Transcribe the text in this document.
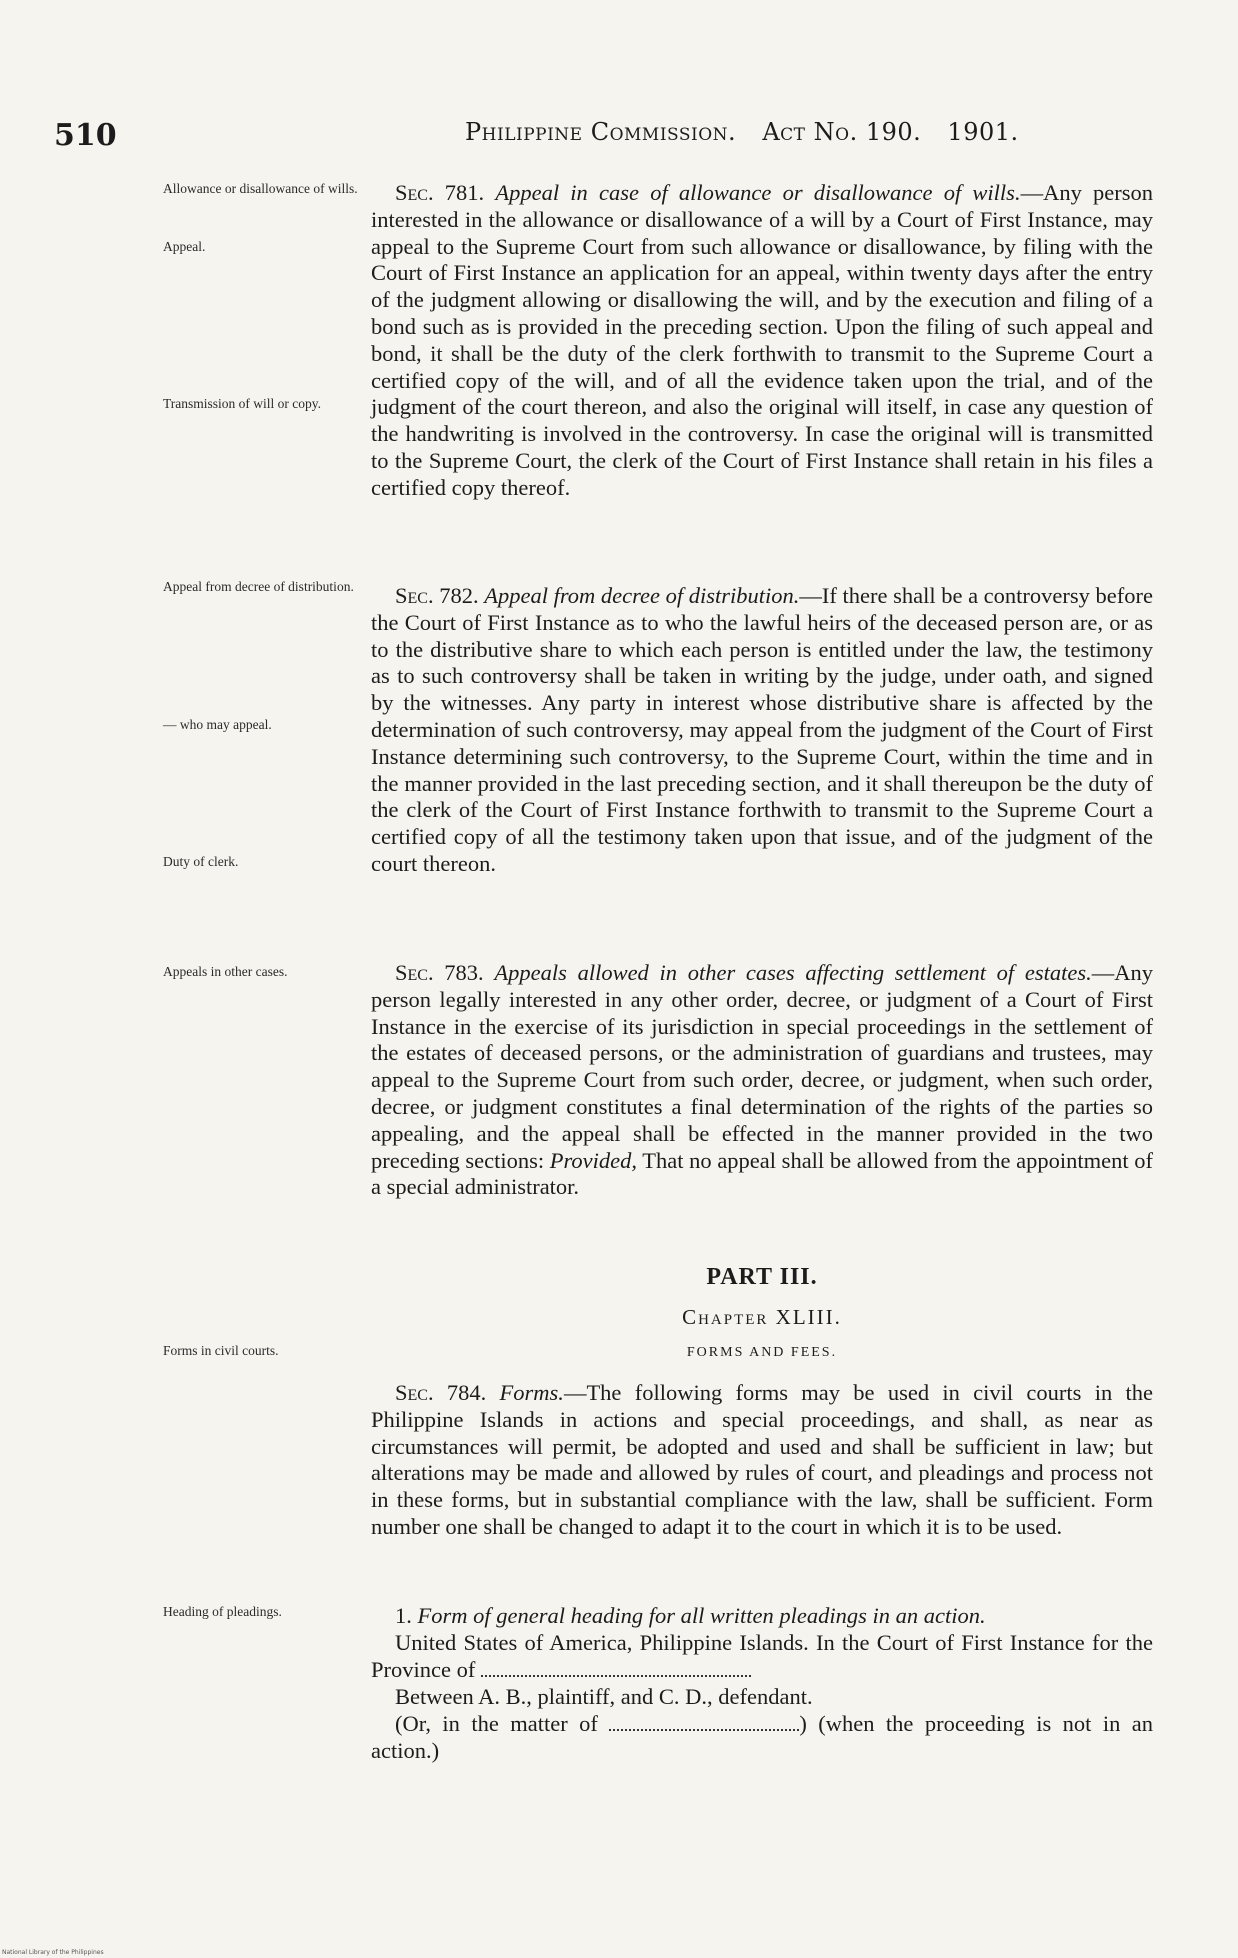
510	Philippine Commission. Act No. 190. 1901.
Allowance or disallowance of wills.
Appeal.
Transmission of will or copy.
Appeal from decree of distribution.
— who may appeal.
Duty of clerk.
Appeals in other cases.
Forms in civil courts.
Heading of pleadings.
Sec. 781. Appeal in case of allowance or disallowance of wills.—Any person interested in the allowance or disallowance of a will by a Court of First Instance, may appeal to the Supreme Court from such allowance or disallowance, by filing with the Court of First Instance an application for an appeal, within twenty days after the entry of the judgment allowing or disallowing the will, and by the execution and filing of a bond such as is provided in the preceding section. Upon the filing of such appeal and bond, it shall be the duty of the clerk forthwith to transmit to the Supreme Court a certified copy of the will, and of all the evidence taken upon the trial, and of the judgment of the court thereon, and also the original will itself, in case any question of the handwriting is involved in the controversy. In case the original will is transmitted to the Supreme Court, the clerk of the Court of First Instance shall retain in his files a certified copy thereof.
Sec. 782. Appeal from decree of distribution.—If there shall be a controversy before the Court of First Instance as to who the lawful heirs of the deceased person are, or as to the distributive share to which each person is entitled under the law, the testimony as to such controversy shall be taken in writing by the judge, under oath, and signed by the witnesses. Any party in interest whose distributive share is affected by the determination of such controversy, may appeal from the judgment of the Court of First Instance determining such controversy, to the Supreme Court, within the time and in the manner provided in the last preceding section, and it shall thereupon be the duty of the clerk of the Court of First Instance forthwith to transmit to the Supreme Court a certified copy of all the testimony taken upon that issue, and of the judgment of the court thereon.
Sec. 783. Appeals allowed in other cases affecting settlement of estates.—Any person legally interested in any other order, decree, or judgment of a Court of First Instance in the exercise of its jurisdiction in special proceedings in the settlement of the estates of deceased persons, or the administration of guardians and trustees, may appeal to the Supreme Court from such order, decree, or judgment, when such order, decree, or judgment constitutes a final determination of the rights of the parties so appealing, and the appeal shall be effected in the manner provided in the two preceding sections: Provided, That no appeal shall be allowed from the appointment of a special administrator.
PART III.
Chapter XLIII.
FORMS AND FEES.
Sec. 784. Forms.—The following forms may be used in civil courts in the Philippine Islands in actions and special proceedings, and shall, as near as circumstances will permit, be adopted and used and shall be sufficient in law; but alterations may be made and allowed by rules of court, and pleadings and process not in these forms, but in substantial compliance with the law, shall be sufficient. Form number one shall be changed to adapt it to the court in which it is to be used.
1. Form of general heading for all written pleadings in an action.
United States of America, Philippine Islands. In the Court of First Instance for the Province of
Between A. B., plaintiff, and C. D., defendant.
(Or, in the matter of	) (when the proceeding is not in an action.)
National Library of the Philippines
